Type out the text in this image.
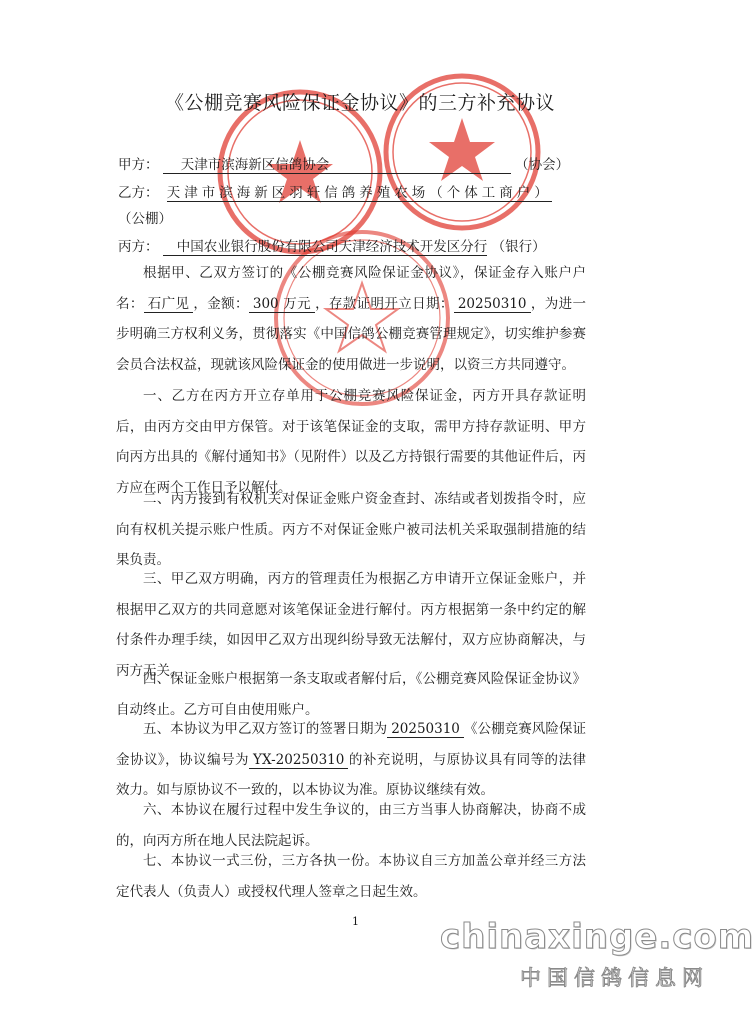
《公棚竞赛风险保证金协议》的三方补充协议
甲方： 天津市滨海新区信鸽协会	（协会）
乙方： 天津市滨海新区羽轩信鸽养殖农场（个体工商户）
（公棚）
丙方： 中国农业银行股份有限公司天津经济技术开发区分行 （银行）
根据甲、乙双方签订的《公棚竞赛风险保证金协议》，保证金存入账户户名： 石广见 ，金额： 300 万元 ，存款证明开立日期： 20250310 ，为进一步明确三方权利义务，贯彻落实《中国信鸽公棚竞赛管理规定》，切实维护参赛会员合法权益，现就该风险保证金的使用做进一步说明，以资三方共同遵守。
一、乙方在丙方开立存单用于公棚竞赛风险保证金，丙方开具存款证明后，由丙方交由甲方保管。对于该笔保证金的支取，需甲方持存款证明、甲方向丙方出具的《解付通知书》（见附件）以及乙方持银行需要的其他证件后，丙方应在两个工作日予以解付。
二、丙方接到有权机关对保证金账户资金查封、冻结或者划拨指令时，应向有权机关提示账户性质。丙方不对保证金账户被司法机关采取强制措施的结果负责。
三、甲乙双方明确，丙方的管理责任为根据乙方申请开立保证金账户，并根据甲乙双方的共同意愿对该笔保证金进行解付。丙方根据第一条中约定的解付条件办理手续，如因甲乙双方出现纠纷导致无法解付，双方应协商解决，与丙方无关。
四、保证金账户根据第一条支取或者解付后，《公棚竞赛风险保证金协议》自动终止。乙方可自由使用账户。
五、本协议为甲乙双方签订的签署日期为 20250310 《公棚竞赛风险保证金协议》，协议编号为 YX-20250310 的补充说明，与原协议具有同等的法律效力。如与原协议不一致的，以本协议为准。原协议继续有效。
六、本协议在履行过程中发生争议的，由三方当事人协商解决，协商不成的，向丙方所在地人民法院起诉。
七、本协议一式三份，三方各执一份。本协议自三方加盖公章并经三方法定代表人（负责人）或授权代理人签章之日起生效。
1 chinaxinge.com
中国信鸽信息网
